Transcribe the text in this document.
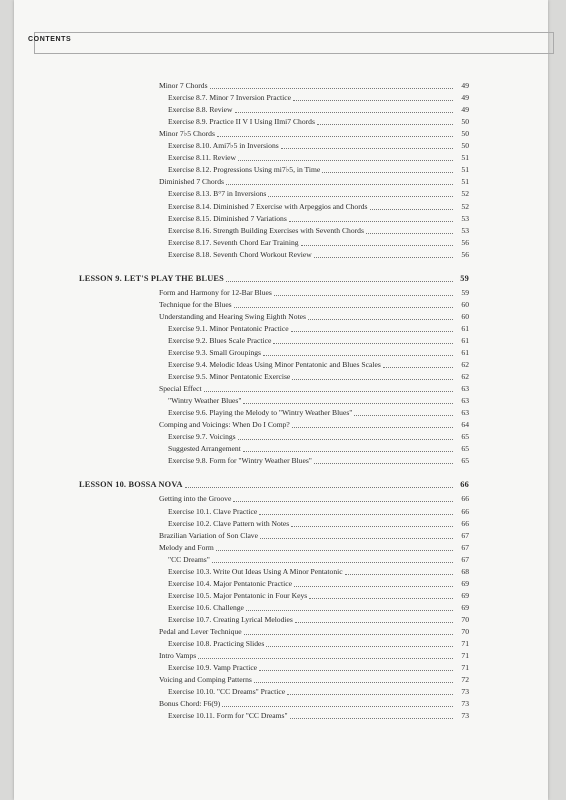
CONTENTS
Minor 7 Chords	49
Exercise 8.7. Minor 7 Inversion Practice	49
Exercise 8.8. Review	49
Exercise 8.9. Practice II V I Using IImi7 Chords	50
Minor 7♭5 Chords	50
Exercise 8.10. Ami7♭5 in Inversions	50
Exercise 8.11. Review	51
Exercise 8.12. Progressions Using mi7♭5, in Time	51
Diminished 7 Chords	51
Exercise 8.13. B°7 in Inversions	52
Exercise 8.14. Diminished 7 Exercise with Arpeggios and Chords	52
Exercise 8.15. Diminished 7 Variations	53
Exercise 8.16. Strength Building Exercises with Seventh Chords	53
Exercise 8.17. Seventh Chord Ear Training	56
Exercise 8.18. Seventh Chord Workout Review	56
LESSON 9. LET'S PLAY THE BLUES	59
Form and Harmony for 12-Bar Blues	59
Technique for the Blues	60
Understanding and Hearing Swing Eighth Notes	60
Exercise 9.1. Minor Pentatonic Practice	61
Exercise 9.2. Blues Scale Practice	61
Exercise 9.3. Small Groupings	61
Exercise 9.4. Melodic Ideas Using Minor Pentatonic and Blues Scales	62
Exercise 9.5. Minor Pentatonic Exercise	62
Special Effect	63
"Wintry Weather Blues"	63
Exercise 9.6. Playing the Melody to "Wintry Weather Blues"	63
Comping and Voicings: When Do I Comp?	64
Exercise 9.7. Voicings	65
Suggested Arrangement	65
Exercise 9.8. Form for "Wintry Weather Blues"	65
LESSON 10. BOSSA NOVA	66
Getting into the Groove	66
Exercise 10.1. Clave Practice	66
Exercise 10.2. Clave Pattern with Notes	66
Brazilian Variation of Son Clave	67
Melody and Form	67
"CC Dreams"	67
Exercise 10.3. Write Out Ideas Using A Minor Pentatonic	68
Exercise 10.4. Major Pentatonic Practice	69
Exercise 10.5. Major Pentatonic in Four Keys	69
Exercise 10.6. Challenge	69
Exercise 10.7. Creating Lyrical Melodies	70
Pedal and Lever Technique	70
Exercise 10.8. Practicing Slides	71
Intro Vamps	71
Exercise 10.9. Vamp Practice	71
Voicing and Comping Patterns	72
Exercise 10.10. "CC Dreams" Practice	73
Bonus Chord: F6(9)	73
Exercise 10.11. Form for "CC Dreams"	73
